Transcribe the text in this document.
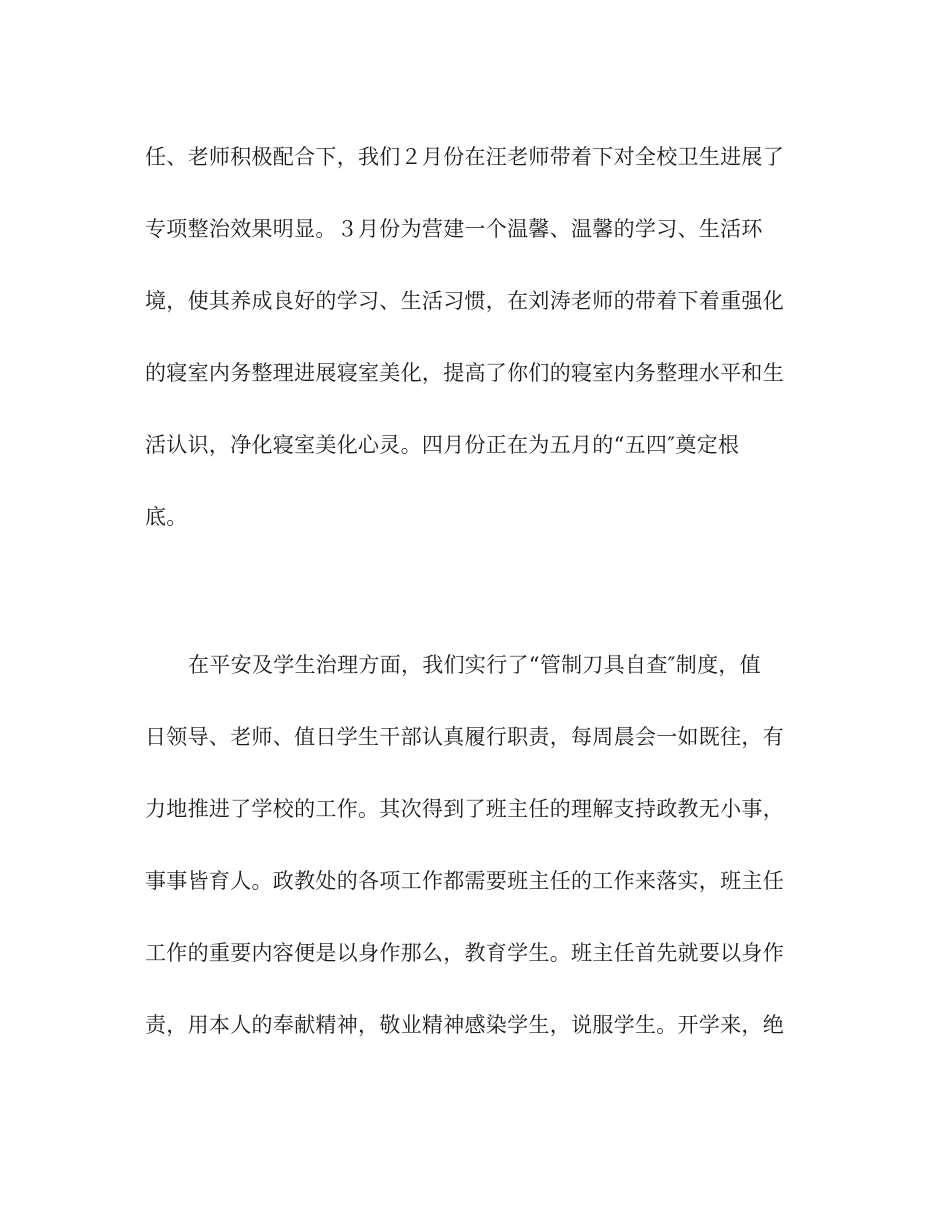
任、老师积极配合下，我们２月份在汪老师带着下对全校卫生进展了
专项整治效果明显。３月份为营建一个温馨、温馨的学习、生活环
境，使其养成良好的学习、生活习惯，在刘涛老师的带着下着重强化
的寝室内务整理进展寝室美化，提高了你们的寝室内务整理水平和生
活认识，净化寝室美化心灵。四月份正在为五月的“五四″奠定根
底。
在平安及学生治理方面，我们实行了“管制刀具自查″制度，值
日领导、老师、值日学生干部认真履行职责，每周晨会一如既往，有
力地推进了学校的工作。其次得到了班主任的理解支持政教无小事，
事事皆育人。政教处的各项工作都需要班主任的工作来落实，班主任
工作的重要内容便是以身作那么，教育学生。班主任首先就要以身作
责，用本人的奉献精神，敬业精神感染学生，说服学生。开学来，绝
